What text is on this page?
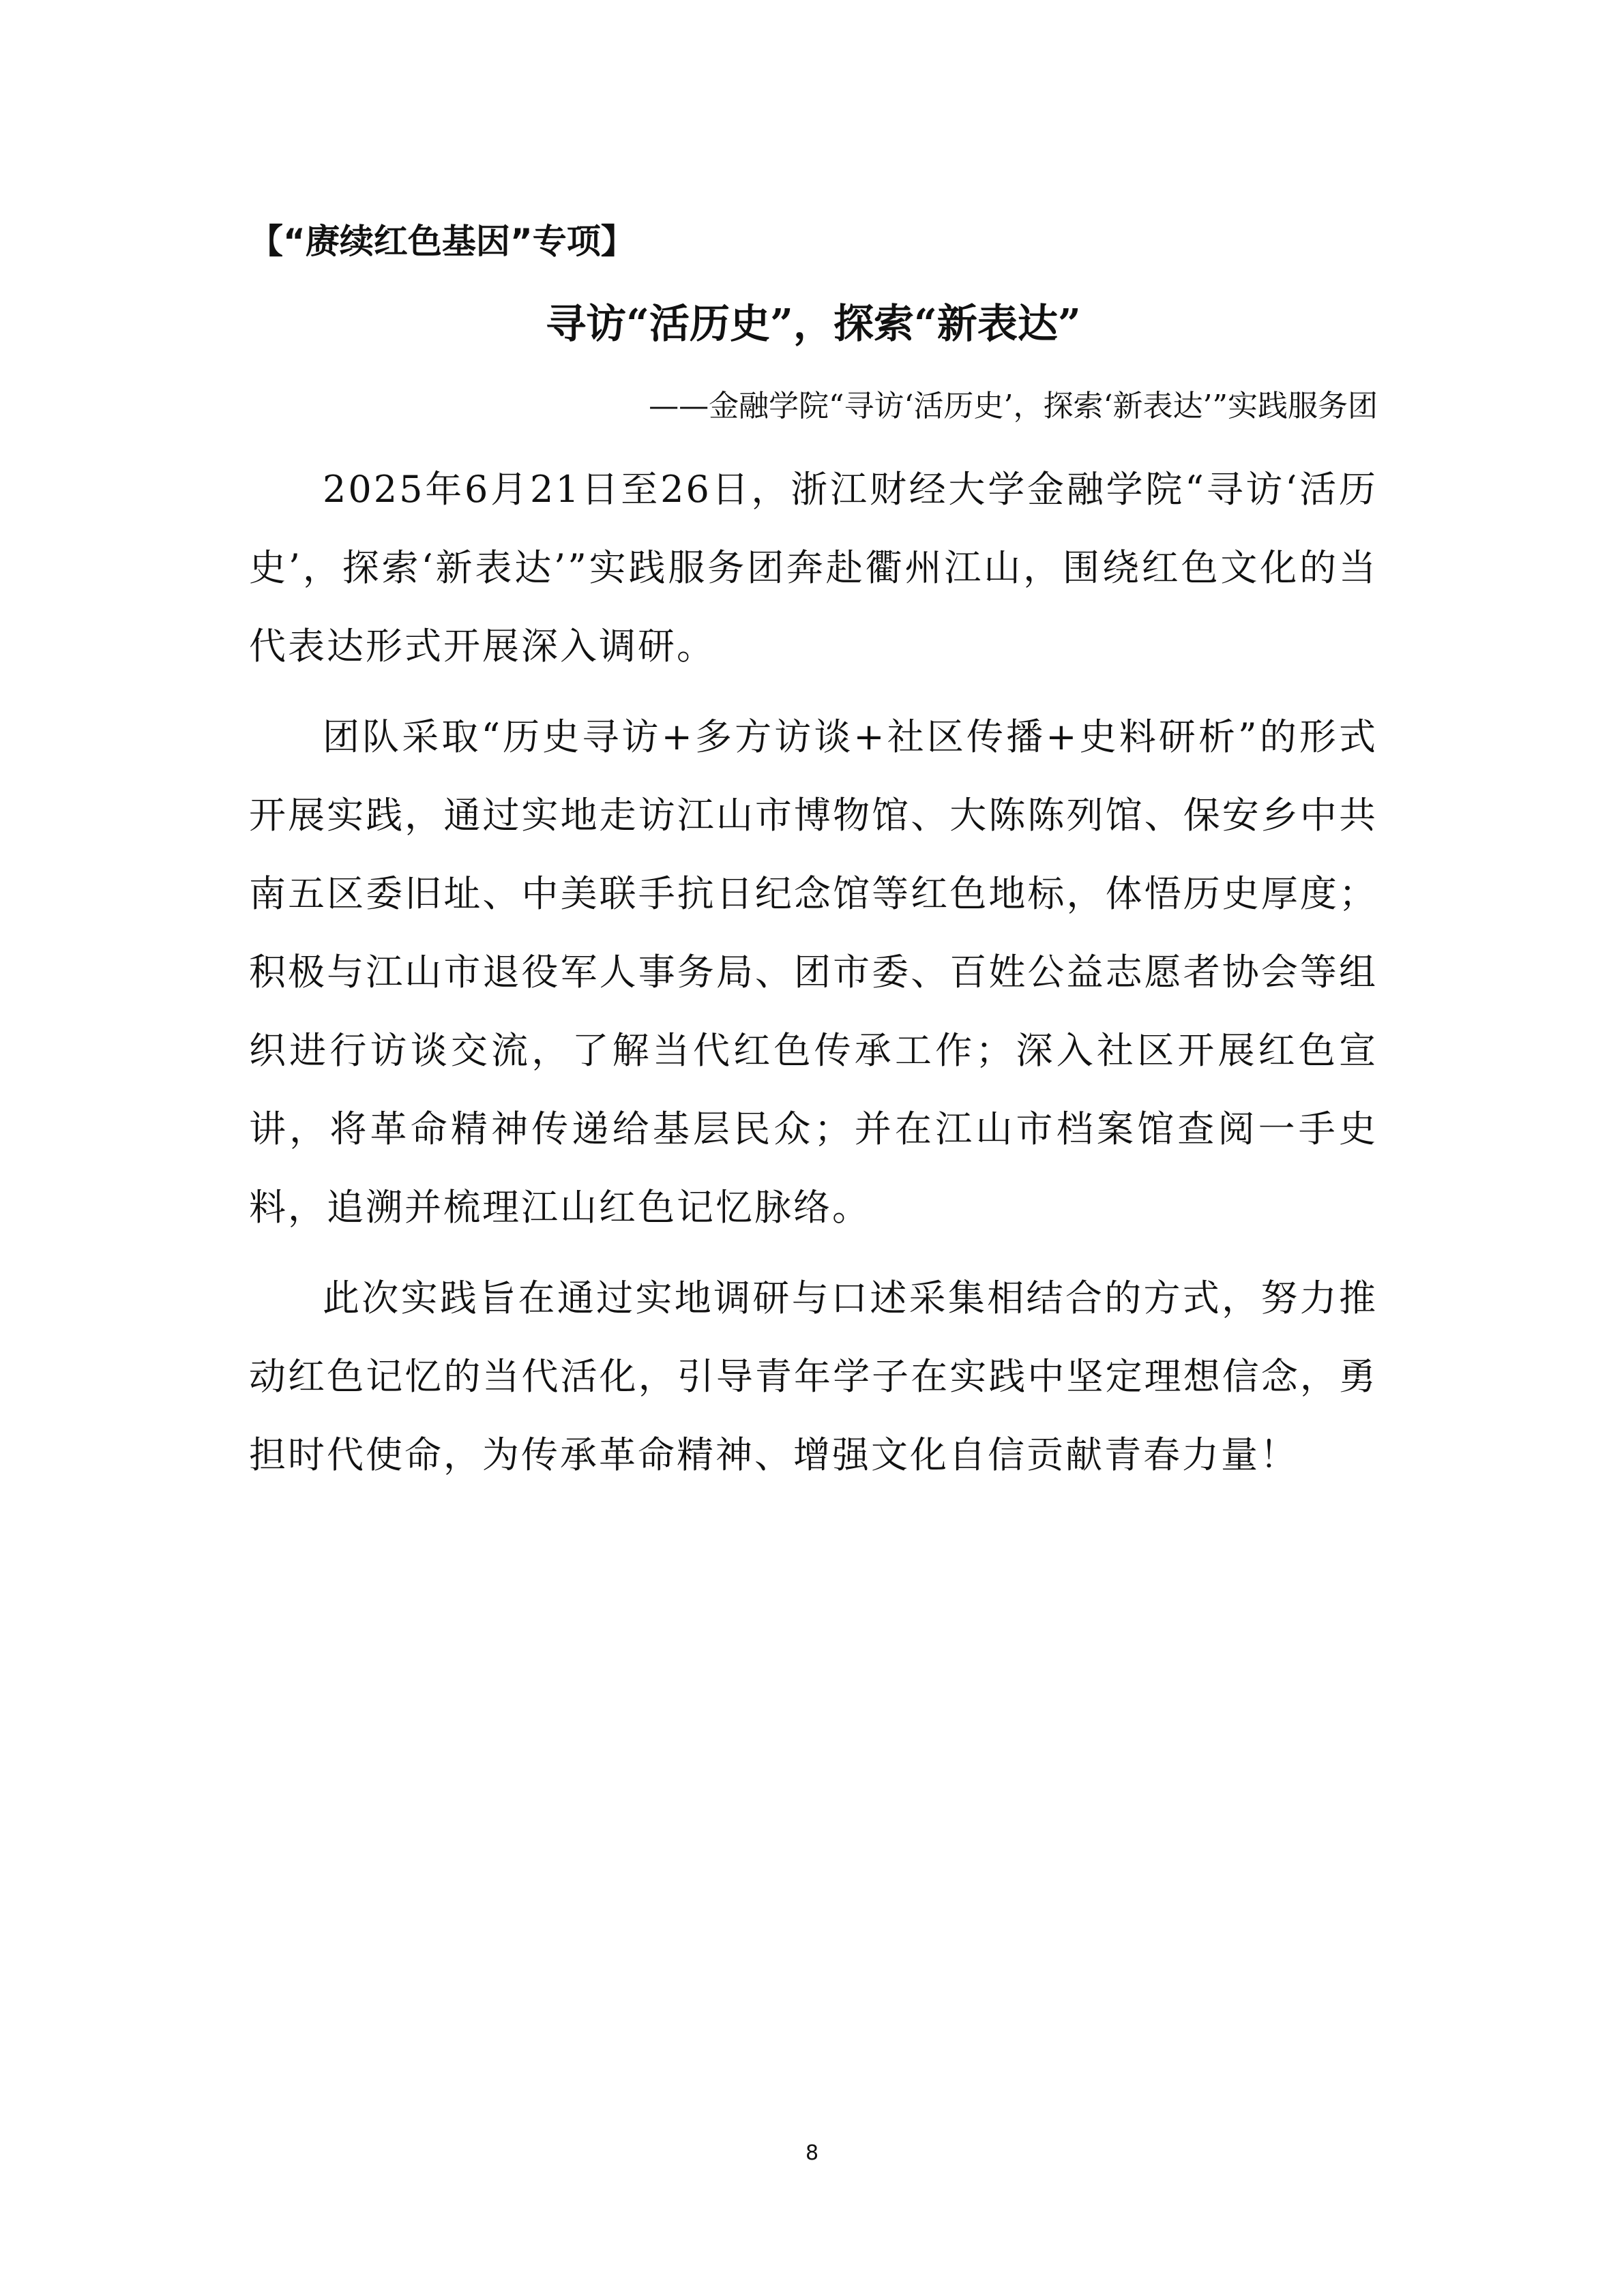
【“赓续红色基因”专项】
寻访“活历史”，探索“新表达”
——金融学院“寻访‘活历史’，探索‘新表达’”实践服务团

2025年6月21日至26日，浙江财经大学金融学院“寻访‘活历史’，探索‘新表达’”实践服务团奔赴衢州江山，围绕红色文化的当代表达形式开展深入调研。

团队采取“历史寻访+多方访谈+社区传播+史料研析”的形式开展实践，通过实地走访江山市博物馆、大陈陈列馆、保安乡中共南五区委旧址、中美联手抗日纪念馆等红色地标，体悟历史厚度；积极与江山市退役军人事务局、团市委、百姓公益志愿者协会等组织进行访谈交流，了解当代红色传承工作；深入社区开展红色宣讲，将革命精神传递给基层民众；并在江山市档案馆查阅一手史料，追溯并梳理江山红色记忆脉络。

此次实践旨在通过实地调研与口述采集相结合的方式，努力推动红色记忆的当代活化，引导青年学子在实践中坚定理想信念，勇担时代使命，为传承革命精神、增强文化自信贡献青春力量！

8
